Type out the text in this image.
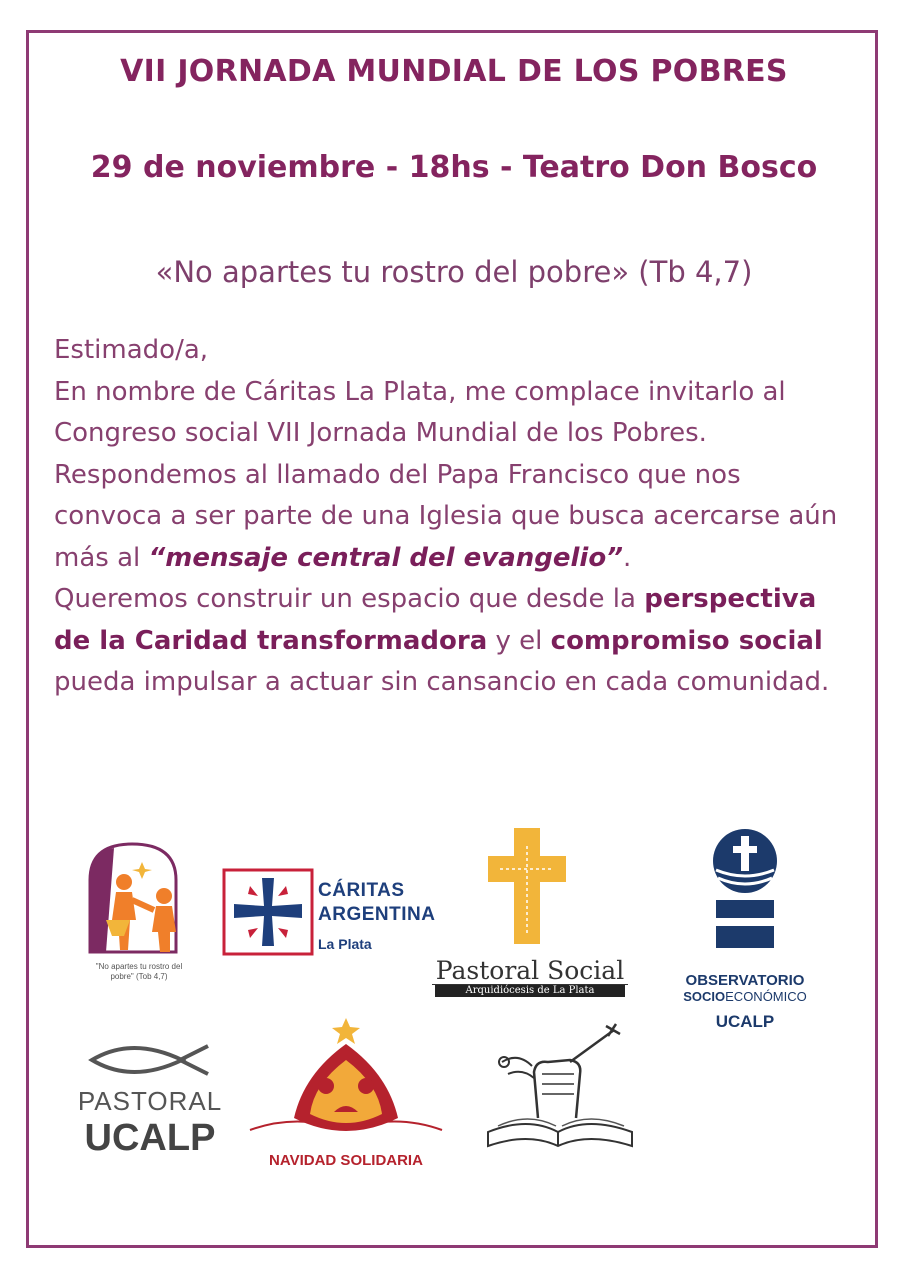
VII JORNADA MUNDIAL DE LOS POBRES
29 de noviembre - 18hs - Teatro Don Bosco
«No apartes tu rostro del pobre» (Tb 4,7)

Estimado/a,

En nombre de Cáritas La Plata, me complace invitarlo al Congreso social VII Jornada Mundial de los Pobres. Respondemos al llamado del Papa Francisco que nos convoca a ser parte de una Iglesia que busca acercarse aún más al “mensaje central del evangelio”.

Queremos construir un espacio que desde la perspectiva de la Caridad transformadora y el compromiso social pueda impulsar a actuar sin cansancio en cada comunidad.

"No apartes tu rostro del pobre" (Tob 4,7)
CÁRITAS
ARGENTINA
La Plata
Pastoral Social
Arquidiócesis de La Plata
OBSERVATORIO
SOCIOECONÓMICO
UCALP
PASTORAL
UCALP
NAVIDAD SOLIDARIA
